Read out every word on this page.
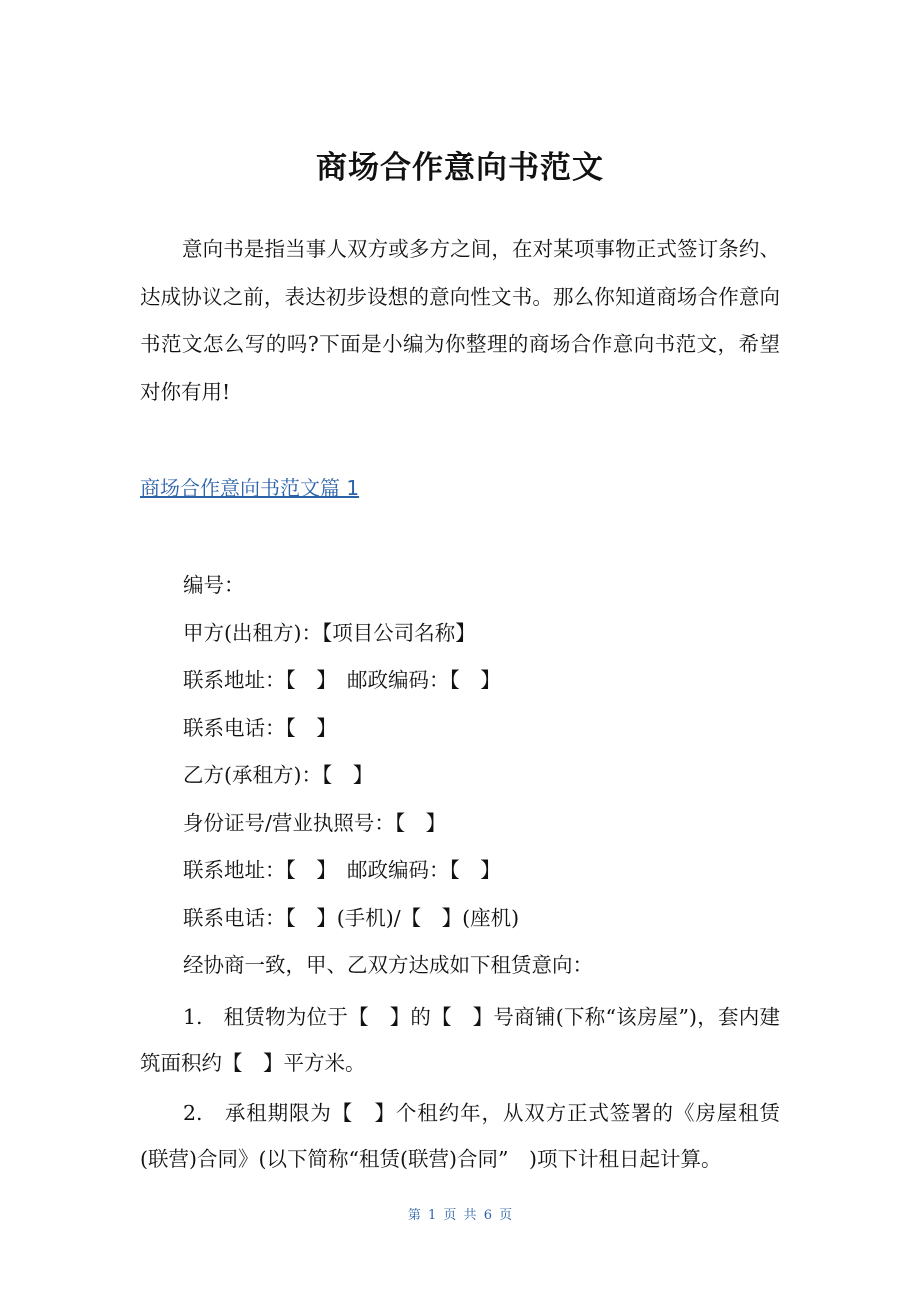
商场合作意向书范文

意向书是指当事人双方或多方之间，在对某项事物正式签订条约、达成协议之前，表达初步设想的意向性文书。那么你知道商场合作意向书范文怎么写的吗?下面是小编为你整理的商场合作意向书范文，希望对你有用!

商场合作意向书范文篇 1
编号：
甲方(出租方)：【项目公司名称】
联系地址：【　】　邮政编码：【　】
联系电话：【　】
乙方(承租方)：【　】
身份证号/营业执照号：【　】
联系地址：【　】　邮政编码：【　】
联系电话：【　】(手机)/【　】(座机)
经协商一致，甲、乙双方达成如下租赁意向：

1.　租赁物为位于【　】的【　】号商铺(下称“该房屋”)，套内建筑面积约【　】平方米。

2.　承租期限为【　】个租约年，从双方正式签署的《房屋租赁(联营)合同》(以下简称“租赁(联营)合同”　)项下计租日起计算。

第 1 页 共 6 页
